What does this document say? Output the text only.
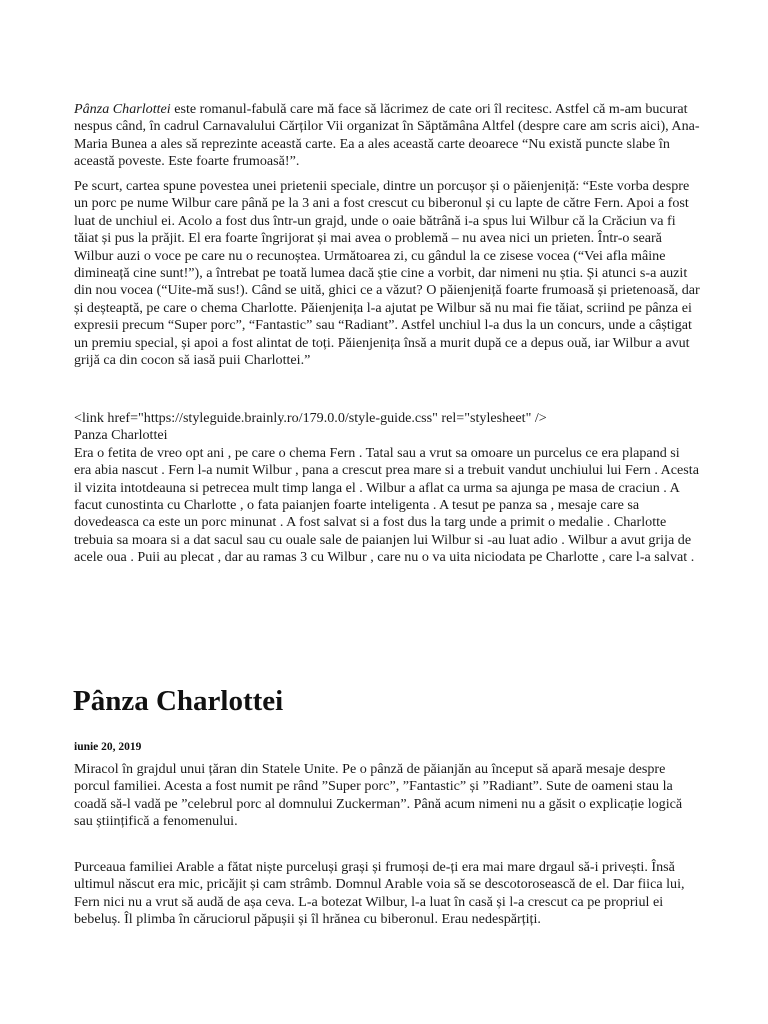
Pânza Charlottei este romanul-fabulă care mă face să lăcrimez de cate ori îl recitesc. Astfel că m-am bucurat nespus când, în cadrul Carnavalului Cărților Vii organizat în Săptămâna Altfel (despre care am scris aici), Ana-Maria Bunea a ales să reprezinte această carte. Ea a ales această carte deoarece “Nu există puncte slabe în această poveste. Este foarte frumoasă!”.

Pe scurt, cartea spune povestea unei prietenii speciale, dintre un porcușor și o păienjeniță: “Este vorba despre un porc pe nume Wilbur care până pe la 3 ani a fost crescut cu biberonul și cu lapte de către Fern. Apoi a fost luat de unchiul ei. Acolo a fost dus într-un grajd, unde o oaie bătrână i-a spus lui Wilbur că la Crăciun va fi tăiat și pus la prăjit. El era foarte îngrijorat și mai avea o problemă – nu avea nici un prieten. Într-o seară Wilbur auzi o voce pe care nu o recunoștea. Următoarea zi, cu gândul la ce zisese vocea (“Vei afla mâine dimineață cine sunt!”), a întrebat pe toată lumea dacă știe cine a vorbit, dar nimeni nu știa. Și atunci s-a auzit din nou vocea (“Uite-mă sus!). Când se uită, ghici ce a văzut? O păienjeniță foarte frumoasă și prietenoasă, dar și deșteaptă, pe care o chema Charlotte. Păienjenița l-a ajutat pe Wilbur să nu mai fie tăiat, scriind pe pânza ei expresii precum “Super porc”, “Fantastic” sau “Radiant”. Astfel unchiul l-a dus la un concurs, unde a câștigat un premiu special, și apoi a fost alintat de toți. Păienjenița însă a murit după ce a depus ouă, iar Wilbur a avut grijă ca din cocon să iasă puii Charlottei.”

<link href="https://styleguide.brainly.ro/179.0.0/style-guide.css" rel="stylesheet" />
Panza Charlottei
Era o fetita de vreo opt ani , pe care o chema Fern . Tatal sau a vrut sa omoare un purcelus ce era plapand si era abia nascut . Fern l-a numit Wilbur , pana a crescut prea mare si a trebuit vandut unchiului lui Fern . Acesta il vizita intotdeauna si petrecea mult timp langa el . Wilbur a aflat ca urma sa ajunga pe masa de craciun . A facut cunostinta cu Charlotte , o fata paianjen foarte inteligenta . A tesut pe panza sa , mesaje care sa dovedeasca ca este un porc minunat . A fost salvat si a fost dus la targ unde a primit o medalie . Charlotte trebuia sa moara si a dat sacul sau cu ouale sale de paianjen lui Wilbur si -au luat adio . Wilbur a avut grija de acele oua . Puii au plecat , dar au ramas 3 cu Wilbur , care nu o va uita niciodata pe Charlotte , care l-a salvat .
Pânza Charlottei
iunie 20, 2019

Miracol în grajdul unui țăran din Statele Unite. Pe o pânză de păianjăn au început să apară mesaje despre porcul familiei. Acesta a fost numit pe rând ”Super porc”, ”Fantastic” și ”Radiant”. Sute de oameni stau la coadă să-l vadă pe ”celebrul porc al domnului Zuckerman”. Până acum nimeni nu a găsit o explicație logică sau științifică a fenomenului.

Purceaua familiei Arable a fătat niște purceluși grași și frumoși de-ți era mai mare drgaul să-i privești. Însă ultimul născut era mic, pricăjit și cam strâmb. Domnul Arable voia să se descotorosească de el. Dar fiica lui, Fern nici nu a vrut să audă de așa ceva. L-a botezat Wilbur, l-a luat în casă și l-a crescut ca pe propriul ei bebeluș. Îl plimba în căruciorul păpușii și îl hrănea cu biberonul. Erau nedespărțiți.
